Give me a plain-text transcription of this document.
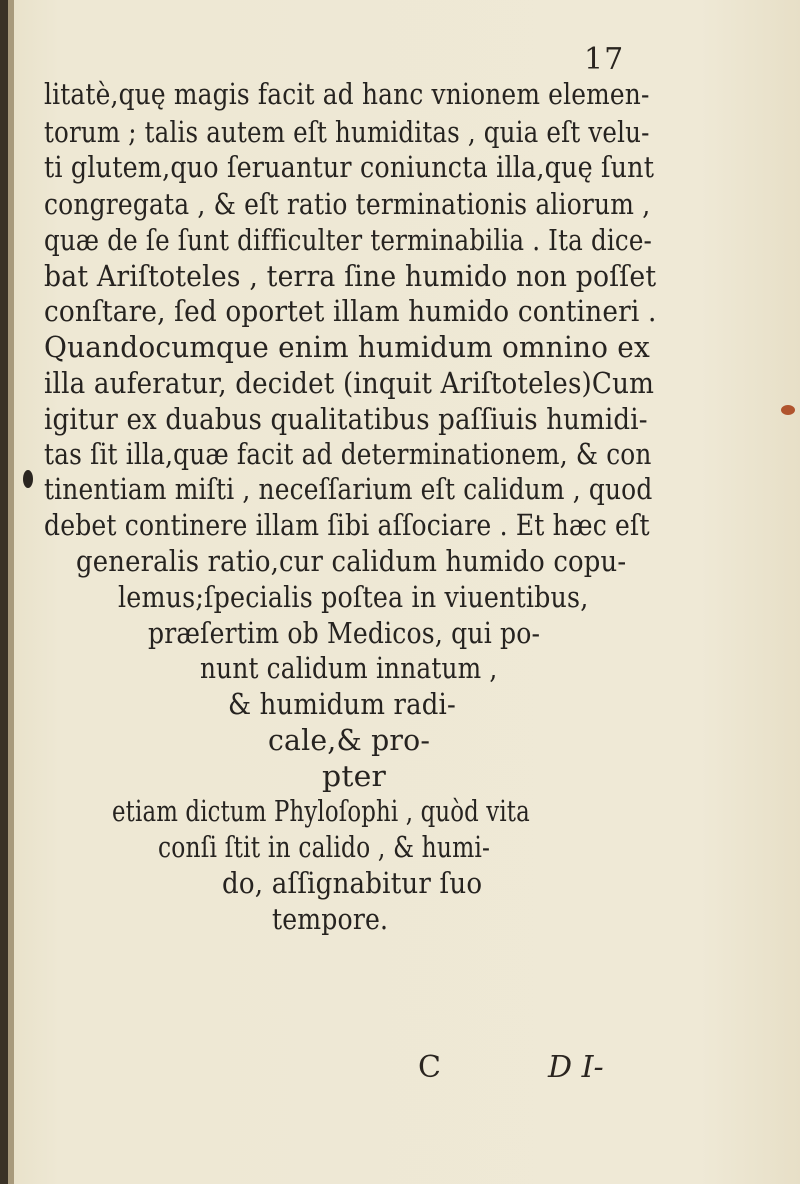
17
litatè,quę magis facit ad hanc vnionem elemen-
torum ; talis autem eſt humiditas , quia eſt velu-
ti glutem,quo ſeruantur coniuncta illa,quę ſunt
congregata , & eſt ratio terminationis aliorum ,
quæ de ſe ſunt difficulter terminabilia . Ita dice-
bat Ariſtoteles , terra ſine humido non poſſet
conſtare, ſed oportet illam humido contineri .
Quandocumque enim humidum omnino ex
illa auferatur, decidet (inquit Ariſtoteles)Cum
igitur ex duabus qualitatibus paſſiuis humidi-
tas ſit illa,quæ facit ad determinationem, & con
tinentiam miſti , neceſſarium eſt calidum , quod
debet continere illam ſibi aſſociare . Et hæc eſt
generalis ratio,cur calidum humido copu-
lemus;ſpecialis poſtea in viuentibus,
præſertim ob Medicos, qui po-
nunt calidum innatum ,
& humidum radi-
cale,& pro-
pter
etiam dictum Phyloſophi , quòd vita
conſi ſtit in calido , & humi-
do, aſſignabitur ſuo
tempore.
C	D I-
